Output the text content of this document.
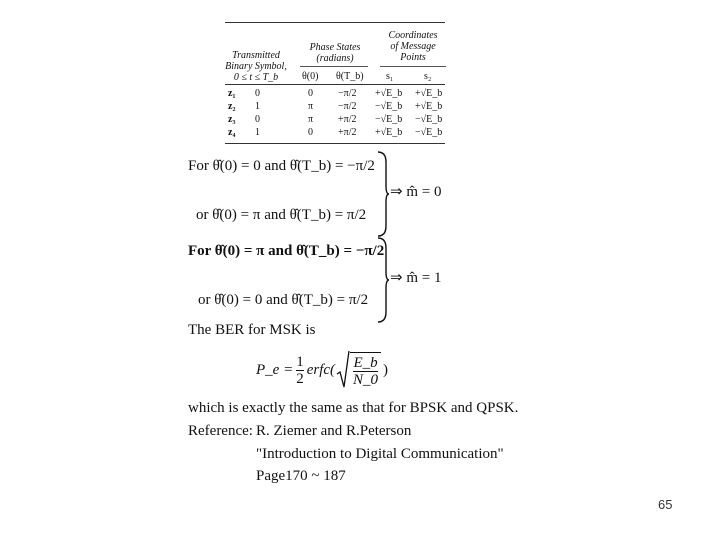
Transmitted
Binary Symbol,
0 ≤ t ≤ T_b
Phase States
(radians)
Coordinates
of Message
Points
θ(0) θ(T_b) s₁	s₂
z₁ 0	0	−π/2 +√E_b +√E_b
z₂ 1	π −π/2 −√E_b +√E_b
z₃ 0	π +π/2 −√E_b −√E_b
z₄ 1	0	+π/2 +√E_b −√E_b
For θ̂(0) = 0 and θ̂(T_b) = −π/2
or θ̂(0) = π and θ̂(T_b) = π/2
⇒ m̂ = 0
For θ̂(0) = π and θ̂(T_b) = −π/2
or θ̂(0) = 0 and θ̂(T_b) = π/2
⇒ m̂ = 1
The BER for MSK is
P_e = $\frac{1}{2}$ erfc( $\frac{E\_b}{N\_0}$ )
which is exactly the same as that for BPSK and QPSK.
Reference: R. Ziemer and R.Peterson
"Introduction to Digital Communication"
Page170 ~ 187
65
